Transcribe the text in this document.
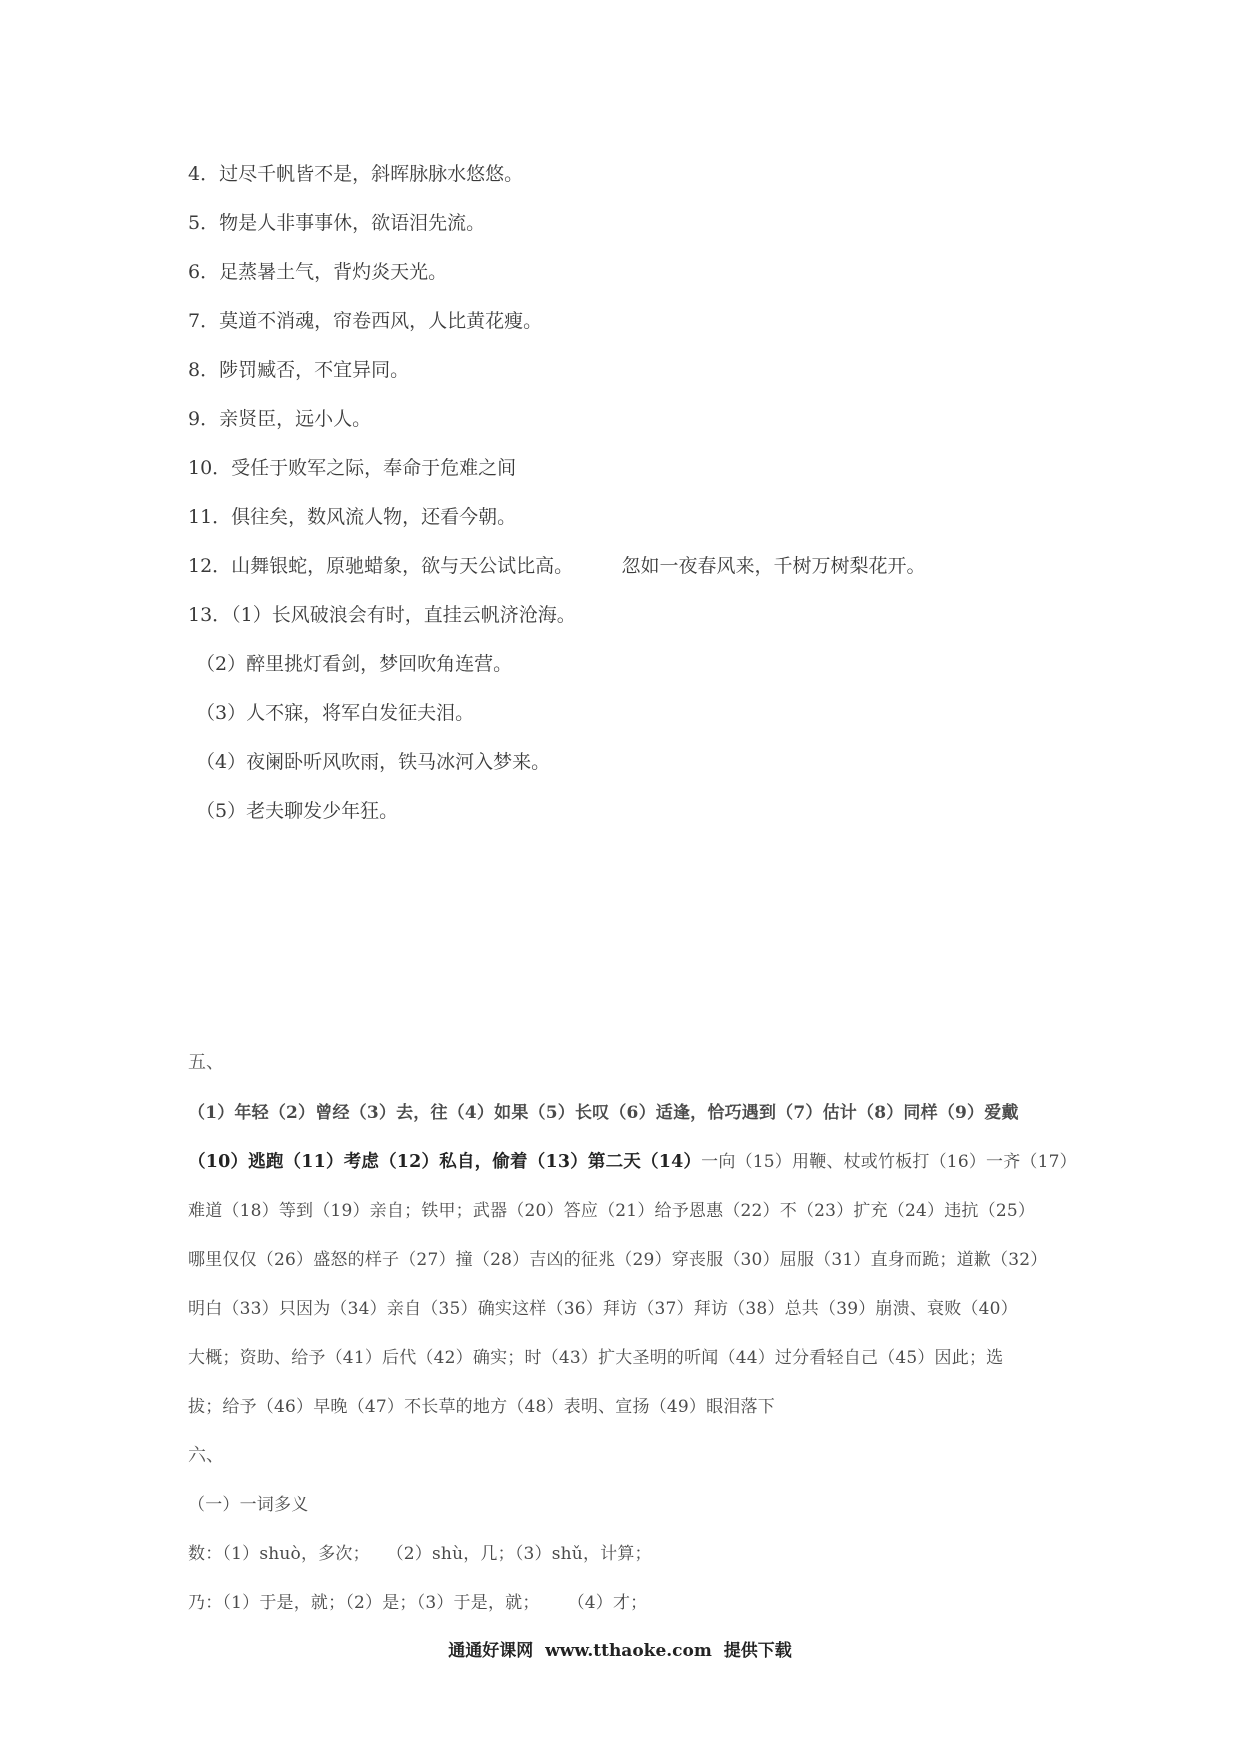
4．过尽千帆皆不是，斜晖脉脉水悠悠。
5．物是人非事事休，欲语泪先流。
6．足蒸暑土气，背灼炎天光。
7．莫道不消魂，帘卷西风，人比黄花瘦。
8．陟罚臧否，不宜异同。
9．亲贤臣，远小人。
10．受任于败军之际，奉命于危难之间
11．俱往矣，数风流人物，还看今朝。
12．山舞银蛇，原驰蜡象，欲与天公试比高。        忽如一夜春风来，千树万树梨花开。
13．（1）长风破浪会有时，直挂云帆济沧海。
（2）醉里挑灯看剑，梦回吹角连营。
（3）人不寐，将军白发征夫泪。
（4）夜阑卧听风吹雨，铁马冰河入梦来。
（5）老夫聊发少年狂。
五、
（1）年轻（2）曾经（3）去，往（4）如果（5）长叹（6）适逢，恰巧遇到（7）估计（8）同样（9）爱戴
（10）逃跑（11）考虑（12）私自，偷着（13）第二天（14）一向（15）用鞭、杖或竹板打（16）一齐（17）
难道（18）等到（19）亲自；铁甲；武器（20）答应（21）给予恩惠（22）不（23）扩充（24）违抗（25）
哪里仅仅（26）盛怒的样子（27）撞（28）吉凶的征兆（29）穿丧服（30）屈服（31）直身而跪；道歉（32）
明白（33）只因为（34）亲自（35）确实这样（36）拜访（37）拜访（38）总共（39）崩溃、衰败（40）
大概；资助、给予（41）后代（42）确实；时（43）扩大圣明的听闻（44）过分看轻自己（45）因此；选
拔；给予（46）早晚（47）不长草的地方（48）表明、宣扬（49）眼泪落下
六、
（一）一词多义
数：（1）shuò，多次；   （2）shù，几；（3）shǔ，计算；
乃：（1）于是，就；（2）是；（3）于是，就；     （4）才；
通通好课网  www.tthaoke.com  提供下载
